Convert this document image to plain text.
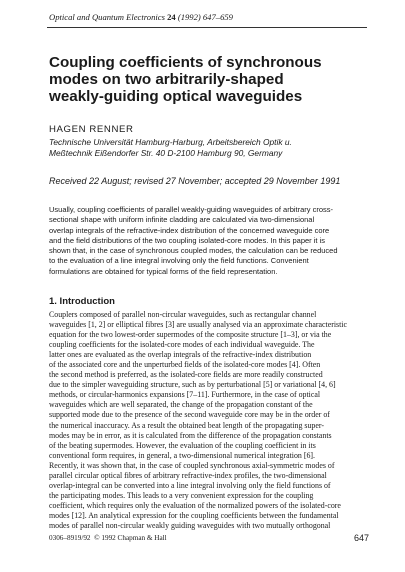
Optical and Quantum Electronics 24 (1992) 647–659
Coupling coefficients of synchronous
modes on two arbitrarily-shaped
weakly-guiding optical waveguides
HAGEN RENNER
Technische Universität Hamburg-Harburg, Arbeitsbereich Optik u.
Meßtechnik Eißendorfer Str. 40 D-2100 Hamburg 90, Germany
Received 22 August; revised 27 November; accepted 29 November 1991
Usually, coupling coefficients of parallel weakly-guiding waveguides of arbitrary cross-
sectional shape with uniform infinite cladding are calculated via two-dimensional
overlap integrals of the refractive-index distribution of the concerned waveguide core
and the field distributions of the two coupling isolated-core modes. In this paper it is
shown that, in the case of synchronous coupled modes, the calculation can be reduced
to the evaluation of a line integral involving only the field functions. Convenient
formulations are obtained for typical forms of the field representation.
1. Introduction
Couplers composed of parallel non-circular waveguides, such as rectangular channel
waveguides [1, 2] or elliptical fibres [3] are usually analysed via an approximate characteristic
equation for the two lowest-order supermodes of the composite structure [1–3], or via the
coupling coefficients for the isolated-core modes of each individual waveguide. The
latter ones are evaluated as the overlap integrals of the refractive-index distribution
of the associated core and the unperturbed fields of the isolated-core modes [4]. Often
the second method is preferred, as the isolated-core fields are more readily constructed
due to the simpler waveguiding structure, such as by perturbational [5] or variational [4, 6]
methods, or circular-harmonics expansions [7–11]. Furthermore, in the case of optical
waveguides which are well separated, the change of the propagation constant of the
supported mode due to the presence of the second waveguide core may be in the order of
the numerical inaccuracy. As a result the obtained beat length of the propagating super-
modes may be in error, as it is calculated from the difference of the propagation constants
of the beating supermodes. However, the evaluation of the coupling coefficient in its
conventional form requires, in general, a two-dimensional numerical integration [6].
Recently, it was shown that, in the case of coupled synchronous axial-symmetric modes of
parallel circular optical fibres of arbitrary refractive-index profiles, the two-dimensional
overlap-integral can be converted into a line integral involving only the field functions of
the participating modes. This leads to a very convenient expression for the coupling
coefficient, which requires only the evaluation of the normalized powers of the isolated-core
modes [12]. An analytical expression for the coupling coefficients between the fundamental
modes of parallel non-circular weakly guiding waveguides with two mutually orthogonal
0306–8919/92 © 1992 Chapman & Hall	647
